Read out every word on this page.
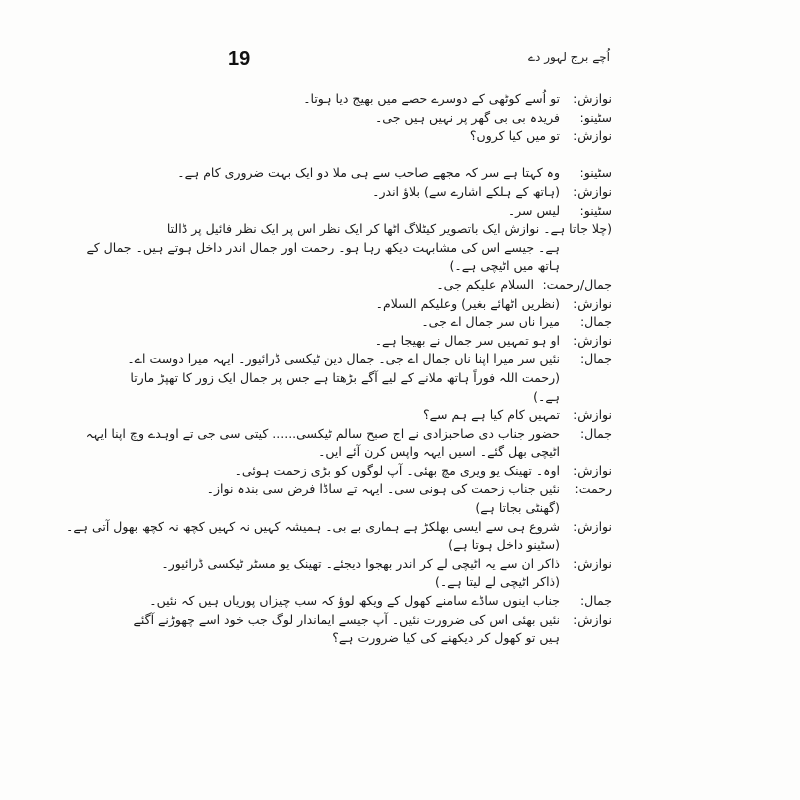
19	اُچے برج لہور دے
نوازش:
تو اُسے کوٹھی کے دوسرے حصے میں بھیج دیا ہوتا۔
سٹینو:
فریدہ بی بی گھر پر نہیں ہیں جی۔
نوازش:
تو میں کیا کروں؟
سٹینو:
وہ کہتا ہے سر کہ مجھے صاحب سے ہی ملا دو ایک بہت ضروری کام ہے۔
نوازش:
(ہاتھ کے ہلکے اشارے سے) بلاؤ اندر۔
سٹینو:
لیس سر۔
(چلا جاتا ہے۔ نوازش ایک باتصویر کیٹلاگ اٹھا کر ایک نظر اس پر ایک نظر فائیل پر ڈالتا
ہے۔ جیسے اس کی مشابہت دیکھ رہا ہو۔ رحمت اور جمال اندر داخل ہوتے ہیں۔ جمال کے
ہاتھ میں اٹیچی ہے۔)
جمال/رحمت:
السلام علیکم جی۔
نوازش:
(نظریں اٹھائے بغیر) وعلیکم السلام۔
جمال:
میرا ناں سر جمال اے جی۔
نوازش:
او ہو تمہیں سر جمال نے بھیجا ہے۔
جمال:
نئیں سر میرا اپنا ناں جمال اے جی۔ جمال دین ٹیکسی ڈرائیور۔ ایہہ میرا دوست اے۔
(رحمت اللہ فوراً ہاتھ ملانے کے لیے آگے بڑھتا ہے جس پر جمال ایک زور کا تھپڑ مارتا
ہے۔)
نوازش:
تمہیں کام کیا ہے ہم سے؟
جمال:
حضور جناب دی صاحبزادی نے اج صبح سالم ٹیکسی...... کیتی سی جی تے اوہدے وچ اپنا ایہہ
اٹیچی بھل گئے۔ اسیں ایہہ واپس کرن آئے ایں۔
نوازش:
اوہ۔ تھینک یو ویری مچ بھئی۔ آپ لوگوں کو بڑی زحمت ہوئی۔
رحمت:
نئیں جناب زحمت کی ہونی سی۔ ایہہ تے ساڈا فرض سی بندہ نواز۔
(گھنٹی بجاتا ہے)
نوازش:
شروع ہی سے ایسی بھلکڑ ہے ہماری بے بی۔ ہمیشہ کہیں نہ کہیں کچھ نہ کچھ بھول آتی ہے۔
(سٹینو داخل ہوتا ہے)
نوازش:
ذاکر ان سے یہ اٹیچی لے کر اندر بھجوا دیجئے۔ تھینک یو مسٹر ٹیکسی ڈرائیور۔
(ذاکر اٹیچی لے لیتا ہے۔)
جمال:
جناب اینوں ساڈے سامنے کھول کے ویکھ لوؤ کہ سب چیزاں پوریاں ہیں کہ نئیں۔
نوازش:
نئیں بھئی اس کی ضرورت نئیں۔ آپ جیسے ایماندار لوگ جب خود اسے چھوڑنے آگئے
ہیں تو کھول کر دیکھنے کی کیا ضرورت ہے؟
